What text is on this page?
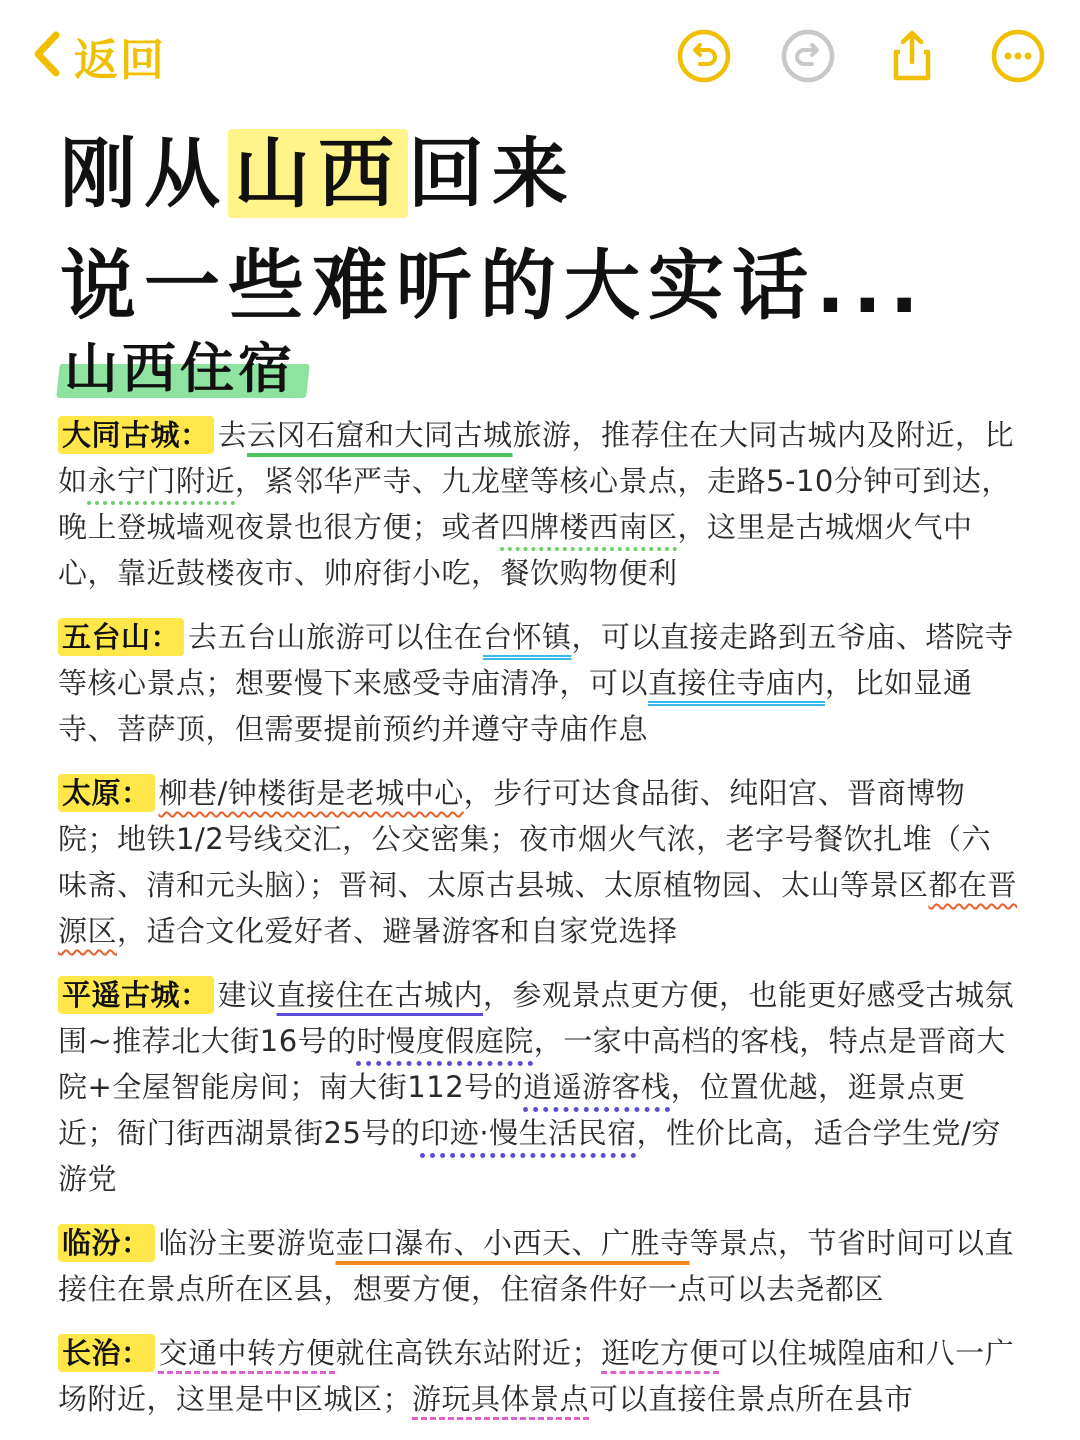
返回
刚从山西回来
说一些难听的大实话...
山西住宿

大同古城： 去云冈石窟和大同古城旅游，推荐住在大同古城内及附近，比如永宁门附近，紧邻华严寺、九龙壁等核心景点，走路5-10分钟可到达，晚上登城墙观夜景也很方便；或者四牌楼西南区，这里是古城烟火气中心，靠近鼓楼夜市、帅府街小吃，餐饮购物便利

五台山： 去五台山旅游可以住在台怀镇，可以直接走路到五爷庙、塔院寺等核心景点；想要慢下来感受寺庙清净，可以直接住寺庙内，比如显通寺、菩萨顶，但需要提前预约并遵守寺庙作息

太原： 柳巷/钟楼街是老城中心，步行可达食品街、纯阳宫、晋商博物院；地铁1/2号线交汇，公交密集；夜市烟火气浓，老字号餐饮扎堆（六味斋、清和元头脑）；晋祠、太原古县城、太原植物园、太山等景区都在晋源区，适合文化爱好者、避暑游客和自家党选择

平遥古城： 建议直接住在古城内，参观景点更方便，也能更好感受古城氛围~推荐北大街16号的时慢度假庭院，一家中高档的客栈，特点是晋商大院+全屋智能房间；南大街112号的逍遥游客栈，位置优越，逛景点更近；衙门街西湖景街25号的印迹·慢生活民宿，性价比高，适合学生党/穷游党

临汾： 临汾主要游览壶口瀑布、小西天、广胜寺等景点，节省时间可以直接住在景点所在区县，想要方便，住宿条件好一点可以去尧都区

长治： 交通中转方便就住高铁东站附近；逛吃方便可以住城隍庙和八一广场附近，这里是中区城区；游玩具体景点可以直接住景点所在县市
